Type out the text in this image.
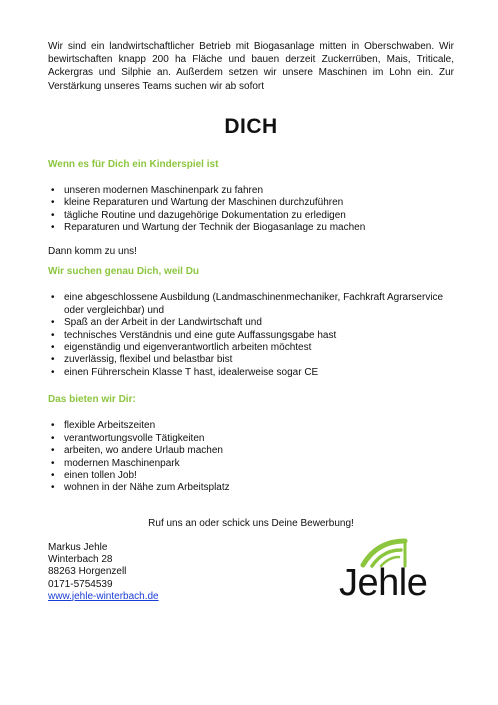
Wir sind ein landwirtschaftlicher Betrieb mit Biogasanlage mitten in Oberschwaben. Wir bewirtschaften knapp 200 ha Fläche und bauen derzeit Zuckerrüben, Mais, Triticale, Ackergras und Silphie an. Außerdem setzen wir unsere Maschinen im Lohn ein. Zur Verstärkung unseres Teams suchen wir ab sofort

DICH

Wenn es für Dich ein Kinderspiel ist

• unseren modernen Maschinenpark zu fahren
• kleine Reparaturen und Wartung der Maschinen durchzuführen
• tägliche Routine und dazugehörige Dokumentation zu erledigen
• Reparaturen und Wartung der Technik der Biogasanlage zu machen

Dann komm zu uns!

Wir suchen genau Dich, weil Du

• eine abgeschlossene Ausbildung (Landmaschinenmechaniker, Fachkraft Agrarservice oder vergleichbar) und
• Spaß an der Arbeit in der Landwirtschaft und
• technisches Verständnis und eine gute Auffassungsgabe hast
• eigenständig und eigenverantwortlich arbeiten möchtest
• zuverlässig, flexibel und belastbar bist
• einen Führerschein Klasse T hast, idealerweise sogar CE

Das bieten wir Dir:

• flexible Arbeitszeiten
• verantwortungsvolle Tätigkeiten
• arbeiten, wo andere Urlaub machen
• modernen Maschinenpark
• einen tollen Job!
• wohnen in der Nähe zum Arbeitsplatz

Ruf uns an oder schick uns Deine Bewerbung!

Markus Jehle
Winterbach 28
88263 Horgenzell
0171-5754539
www.jehle-winterbach.de	Jehle
